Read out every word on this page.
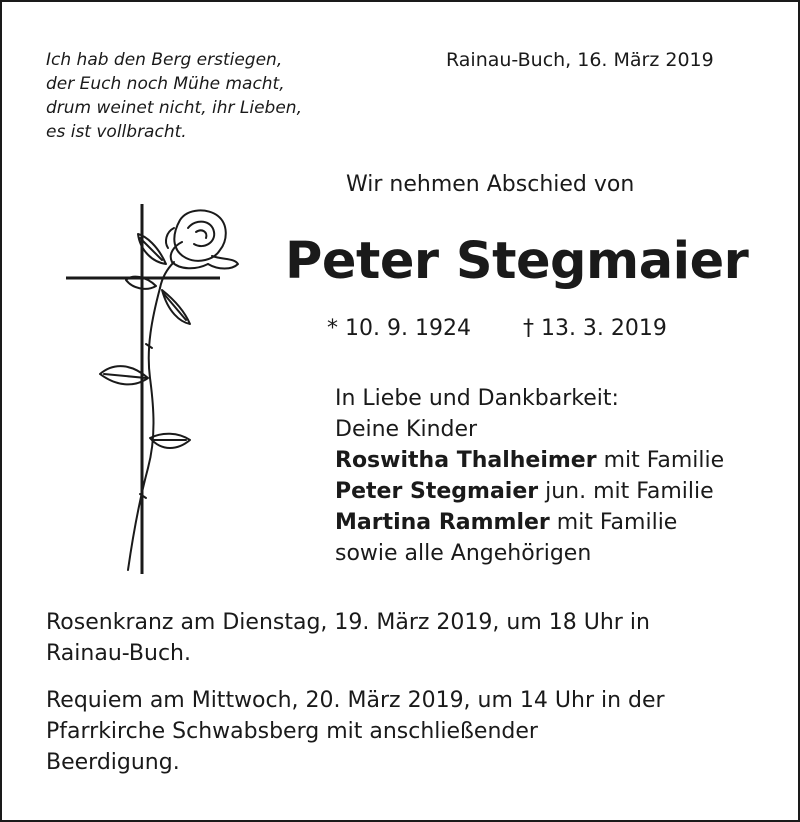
Ich hab den Berg erstiegen,
der Euch noch Mühe macht,
drum weinet nicht, ihr Lieben,
es ist vollbracht.
Rainau-Buch, 16. März 2019
Wir nehmen Abschied von
Peter Stegmaier
* 10. 9. 1924 † 13. 3. 2019
In Liebe und Dankbarkeit:
Deine Kinder
Roswitha Thalheimer mit Familie
Peter Stegmaier jun. mit Familie
Martina Rammler mit Familie
sowie alle Angehörigen
Rosenkranz am Dienstag, 19. März 2019, um 18 Uhr in
Rainau-Buch.
Requiem am Mittwoch, 20. März 2019, um 14 Uhr in der
Pfarrkirche Schwabsberg mit anschließender
Beerdigung.
